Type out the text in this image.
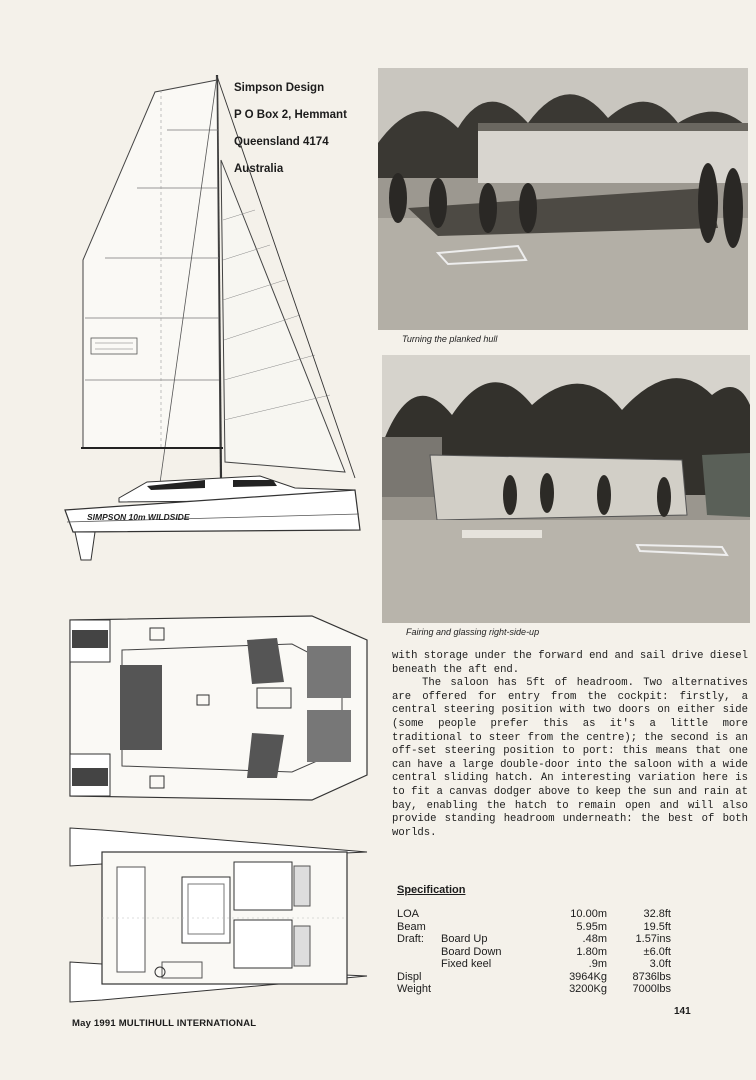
Simpson Design

P O Box 2, Hemmant

Queensland 4174

Australia

SIMPSON 10m WILDSIDE
Turning the planked hull
Fairing and glassing right-side-up

with storage under the forward end and sail drive diesel beneath the aft end.

The saloon has 5ft of headroom. Two alternatives are offered for entry from the cockpit: firstly, a central steering position with two doors on either side (some people prefer this as it's a little more traditional to steer from the centre); the second is an off-set steering position to port: this means that one can have a large double-door into the saloon with a wide central sliding hatch. An interesting variation here is to fit a canvas dodger above to keep the sun and rain at bay, enabling the hatch to remain open and will also provide standing headroom underneath: the best of both worlds.

Specification
LOA		10.00m	32.8ft
Beam		5.95m	19.5ft
Draft:	Board Up	.48m	1.57ins
	Board Down	1.80m	±6.0ft
	Fixed keel	.9m	3.0ft
Displ		3964Kg	8736lbs
Weight		3200Kg	7000lbs
May 1991 MULTIHULL INTERNATIONAL
141
